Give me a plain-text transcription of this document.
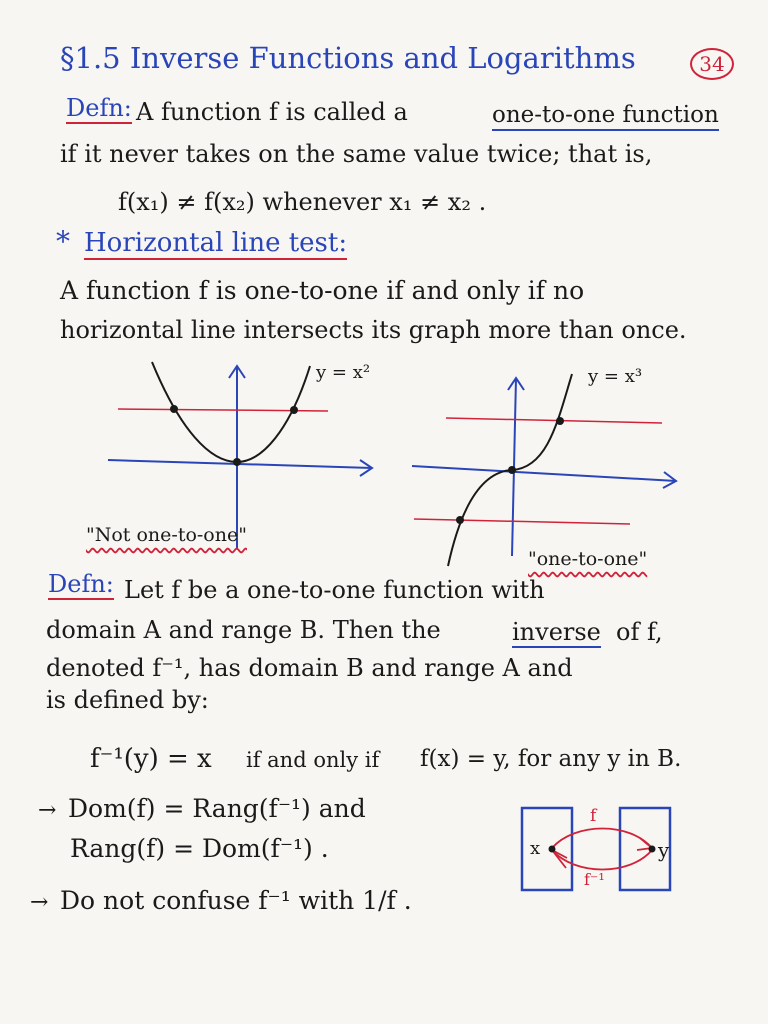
§1.5 Inverse Functions and Logarithms	34
Defn: A function f is called a	one-to-one function
if it never takes on the same value twice; that is,
f(x₁) ≠ f(x₂) whenever x₁ ≠ x₂ .
* Horizontal line test:
A function f is one-to-one if and only if no
horizontal line intersects its graph more than once.
y = x²	y = x³
"Not one-to-one"
"one-to-one"
Defn: Let f be a one-to-one function with
domain A and range B. Then the	inverse of f,
denoted f⁻¹, has domain B and range A and
is defined by:
f⁻¹(y) = x if and only if f(x) = y, for any y in B.
→ Dom(f) = Rang(f⁻¹) and
Rang(f) = Dom(f⁻¹) .
→ Do not confuse f⁻¹ with 1/f .
x	y
f
f⁻¹
